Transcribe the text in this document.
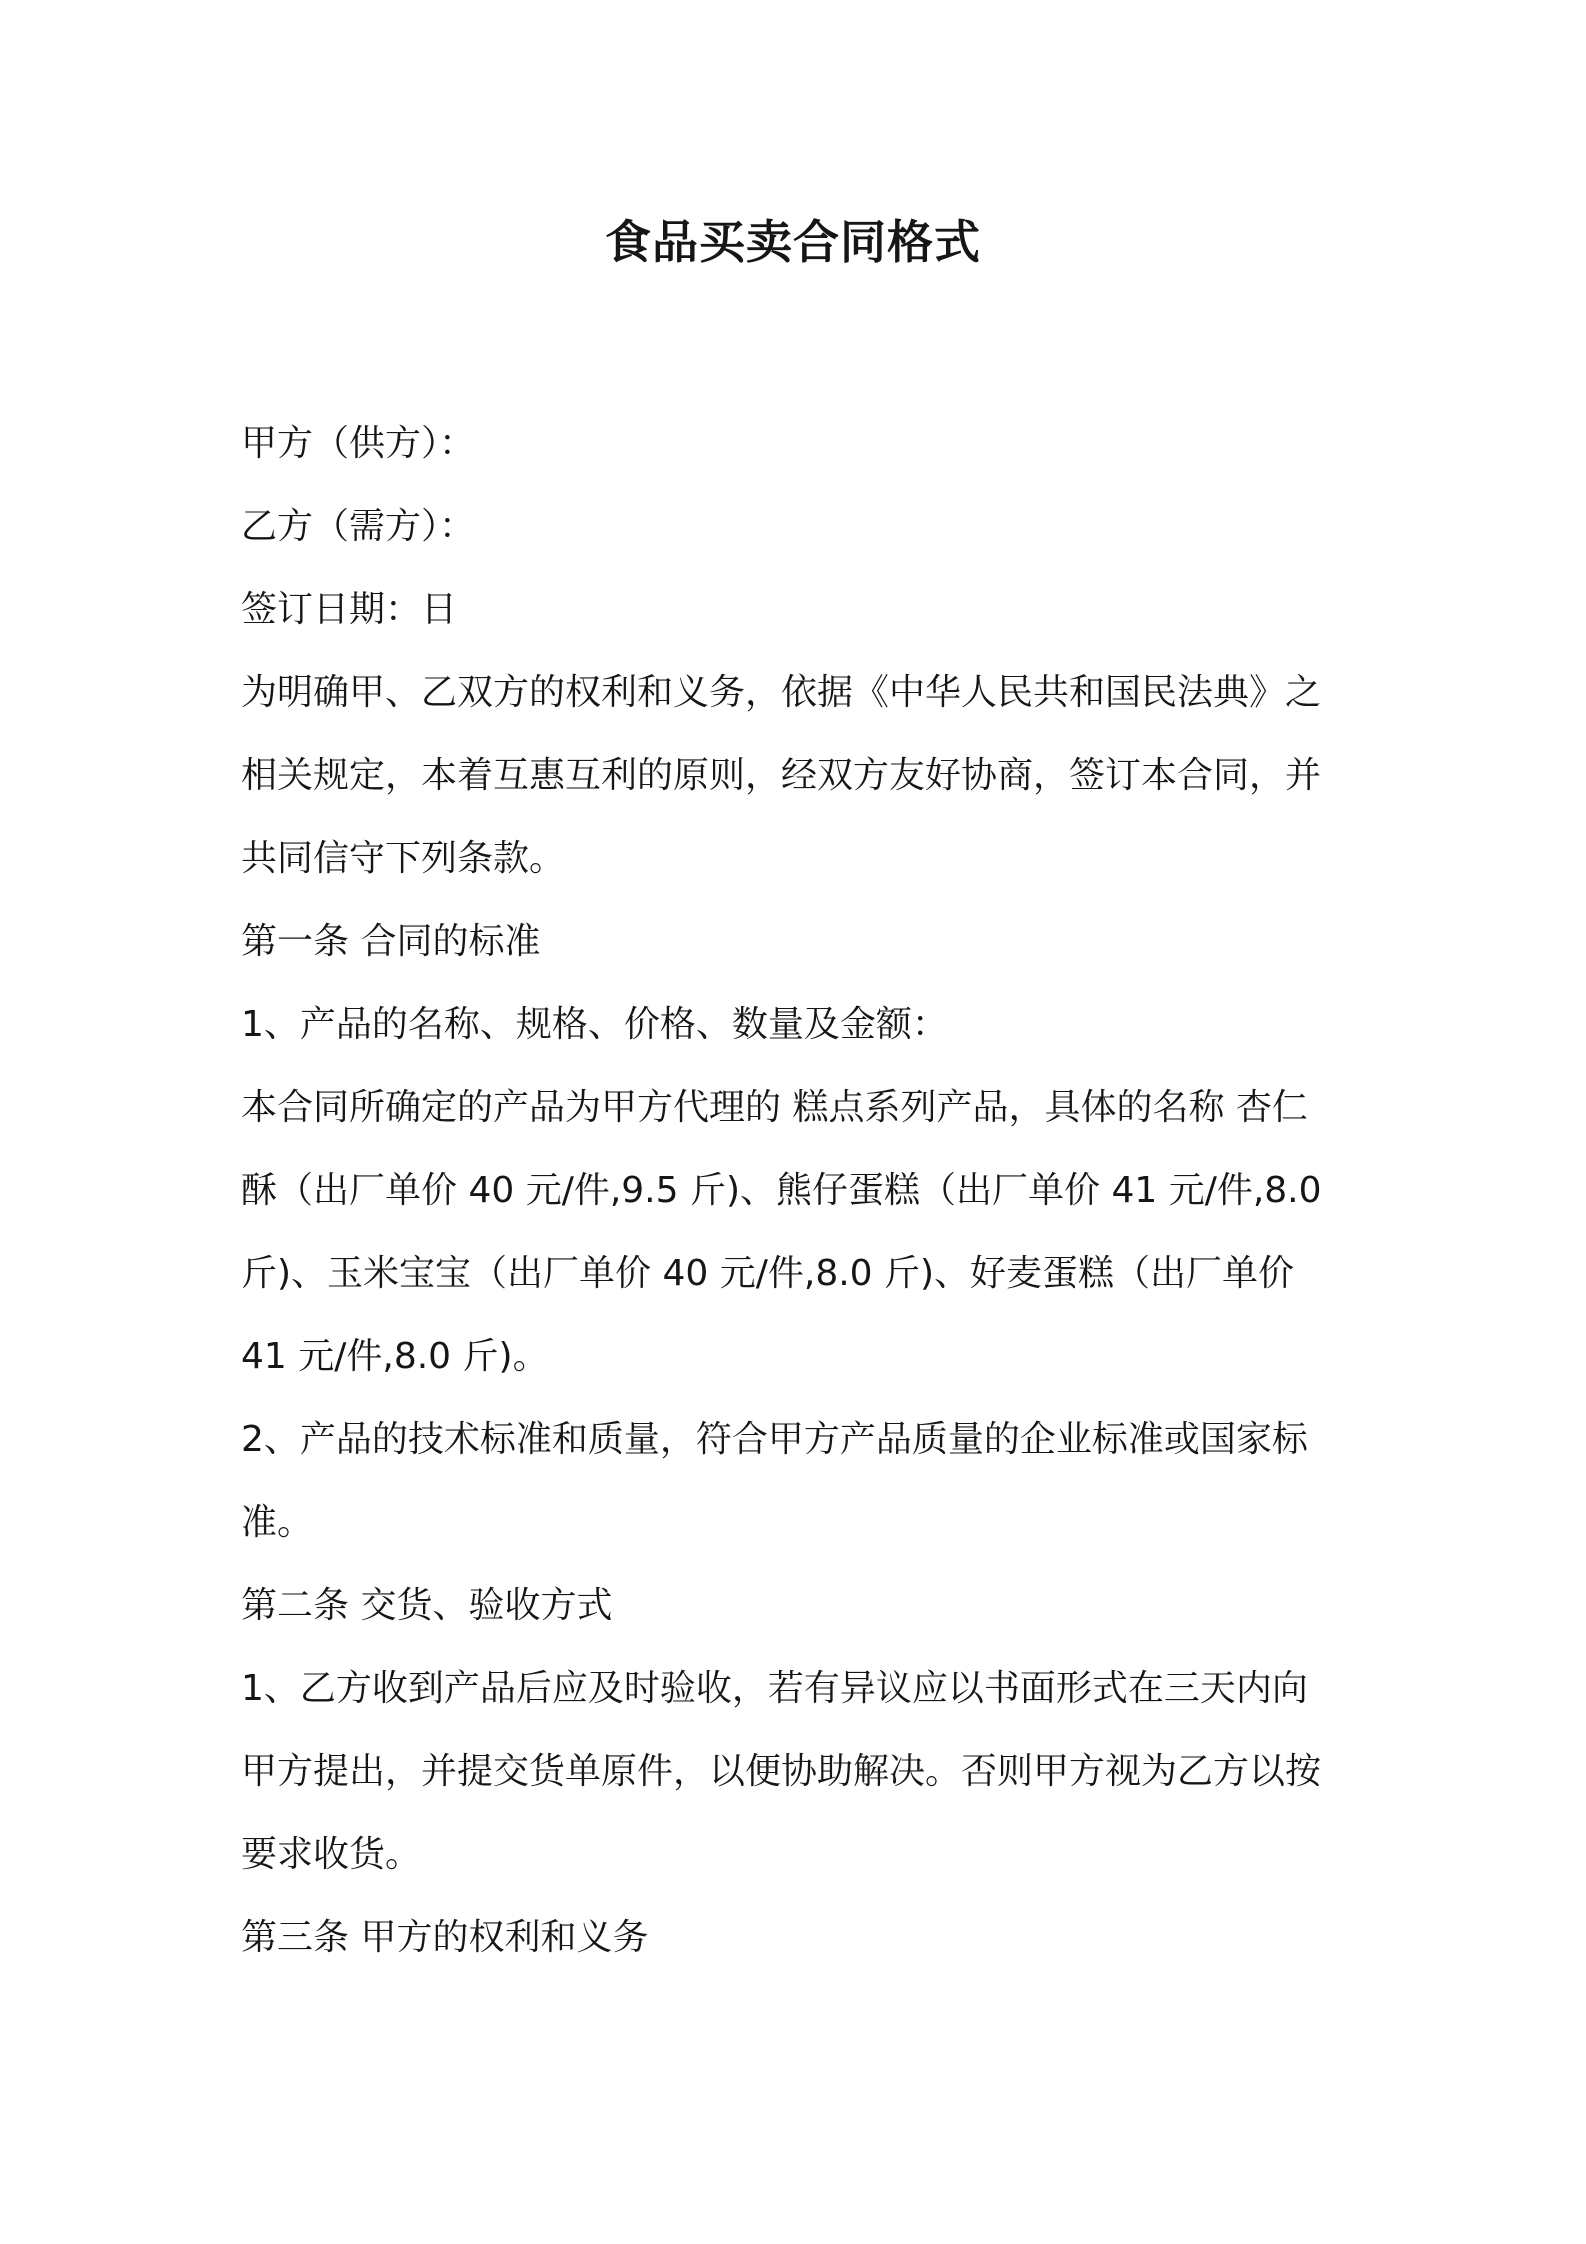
食品买卖合同格式

甲方（供方）：

乙方（需方）：

签订日期：日

为明确甲、乙双方的权利和义务，依据《中华人民共和国民法典》之
相关规定，本着互惠互利的原则，经双方友好协商，签订本合同，并
共同信守下列条款。

第一条 合同的标准

1、产品的名称、规格、价格、数量及金额：

本合同所确定的产品为甲方代理的 糕点系列产品，具体的名称 杏仁
酥（出厂单价 40 元/件,9.5 斤)、熊仔蛋糕（出厂单价 41 元/件,8.0
斤)、玉米宝宝（出厂单价 40 元/件,8.0 斤)、好麦蛋糕（出厂单价
41 元/件,8.0 斤)。

2、产品的技术标准和质量，符合甲方产品质量的企业标准或国家标
准。

第二条 交货、验收方式

1、乙方收到产品后应及时验收，若有异议应以书面形式在三天内向
甲方提出，并提交货单原件，以便协助解决。否则甲方视为乙方以按
要求收货。

第三条 甲方的权利和义务
